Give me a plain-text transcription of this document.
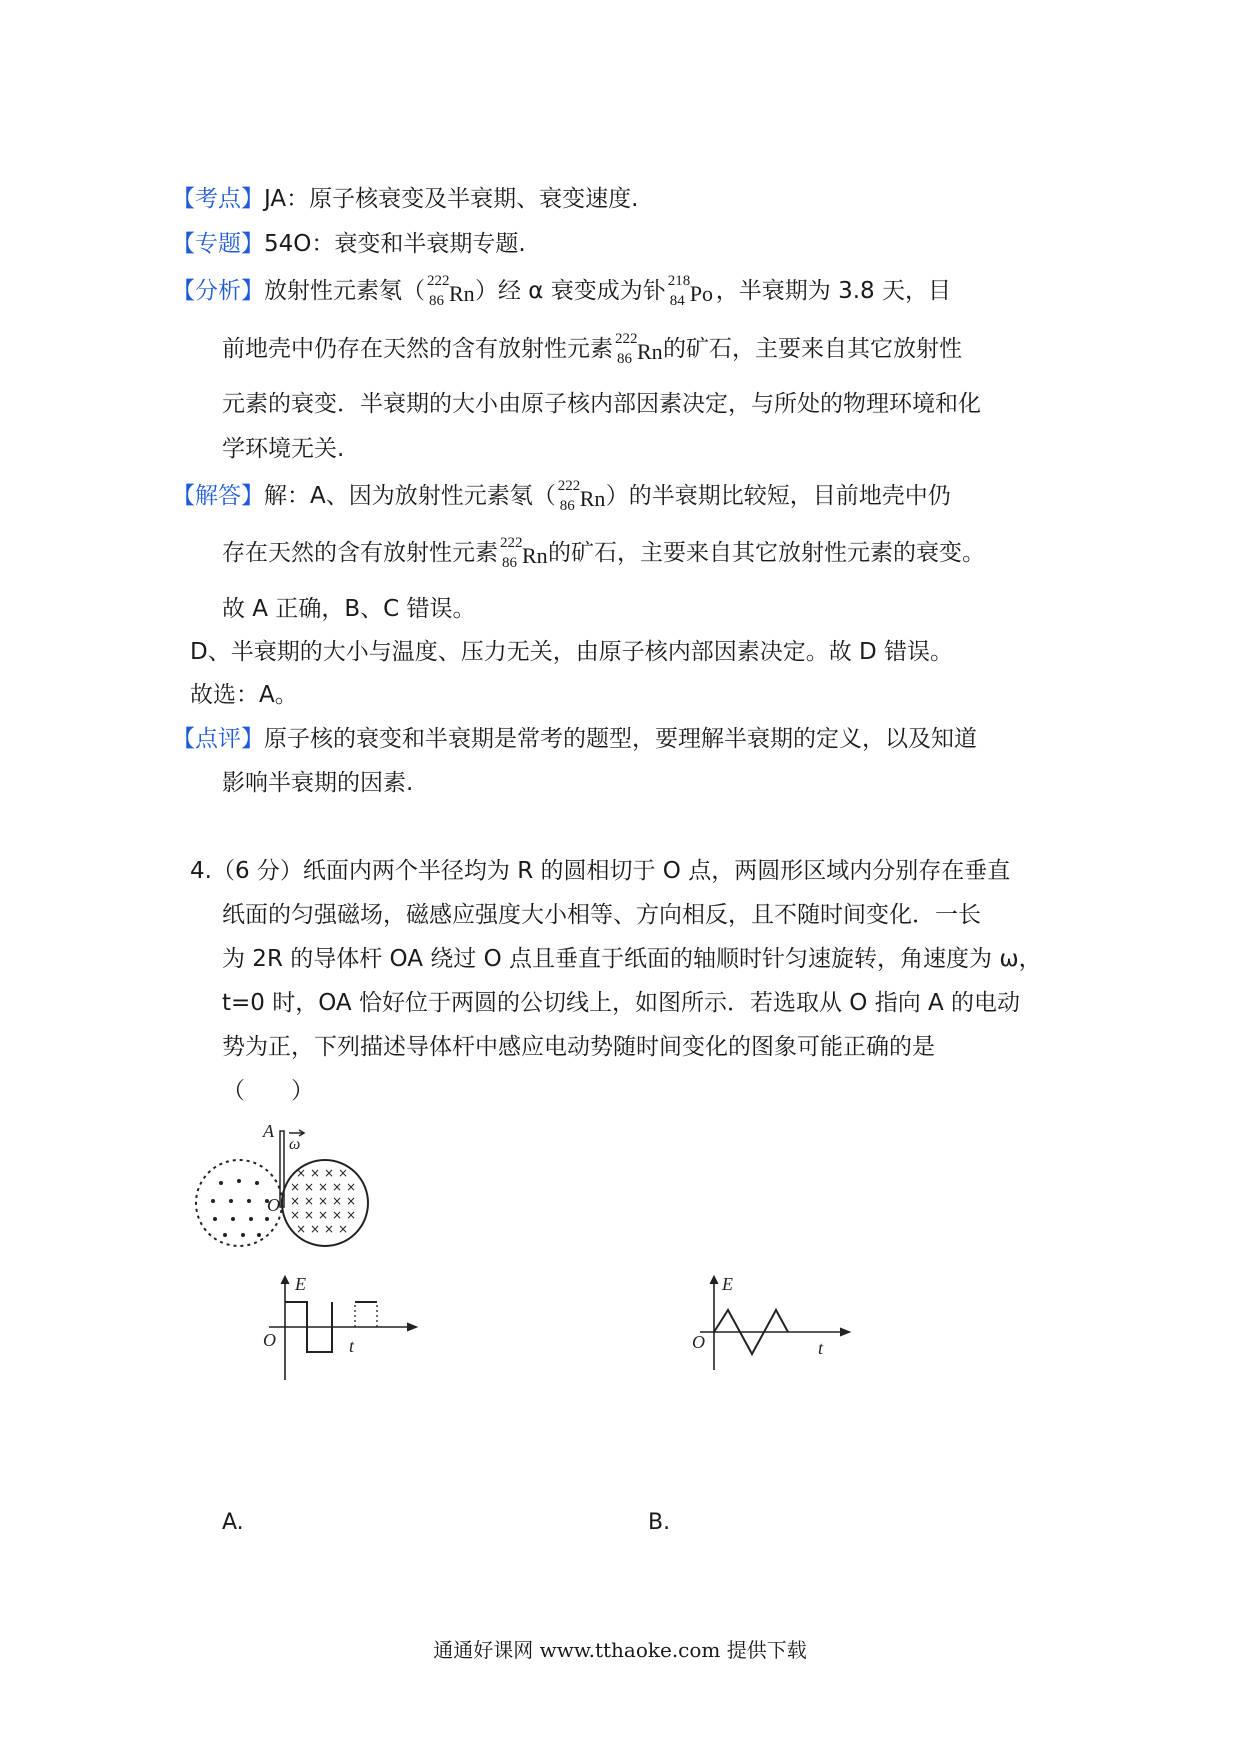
【考点】JA：原子核衰变及半衰期、衰变速度.
【专题】54O：衰变和半衰期专题.
【分析】放射性元素氡（ 222
86 Rn ）经 α 衰变成为钋 218
84 Po ，半衰期为 3.8 天，目
前地壳中仍存在天然的含有放射性元素 222
86 Rn 的矿石，主要来自其它放射性
元素的衰变．半衰期的大小由原子核内部因素决定，与所处的物理环境和化
学环境无关.
【解答】解：A、因为放射性元素氡（ 222
86 Rn ）的半衰期比较短，目前地壳中仍
存在天然的含有放射性元素 222
86 Rn 的矿石，主要来自其它放射性元素的衰变。
故 A 正确，B、C 错误。
D、半衰期的大小与温度、压力无关，由原子核内部因素决定。故 D 错误。
故选：A。
【点评】原子核的衰变和半衰期是常考的题型，要理解半衰期的定义，以及知道
影响半衰期的因素.
4.（6 分）纸面内两个半径均为 R 的圆相切于 O 点，两圆形区域内分别存在垂直
纸面的匀强磁场，磁感应强度大小相等、方向相反，且不随时间变化．一长
为 2R 的导体杆 OA 绕过 O 点且垂直于纸面的轴顺时针匀速旋转，角速度为 ω，
t=0 时，OA 恰好位于两圆的公切线上，如图所示．若选取从 O 指向 A 的电动
势为正，下列描述导体杆中感应电动势随时间变化的图象可能正确的是
（　　）
× × × ×
× × × × ×
× × × × ×
× × × × ×
× × × ×
A
O
ω
E
t
O
A.
E
t
O
B.
通通好课网 www.tthaoke.com 提供下载
